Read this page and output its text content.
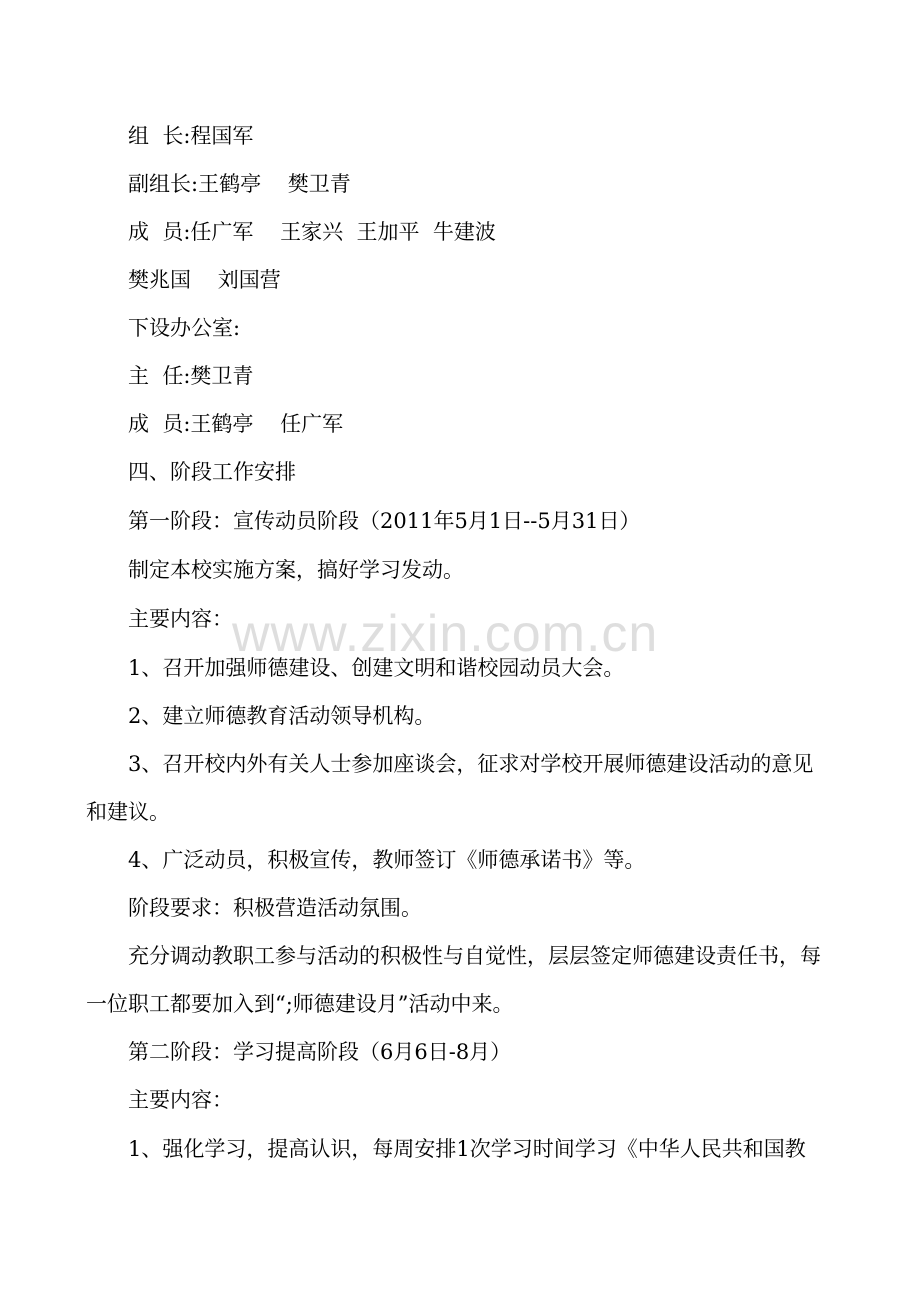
组  长:程国军
副组长:王鹤亭    樊卫青
成  员:任广军    王家兴  王加平  牛建波
樊兆国    刘国营
下设办公室:
主  任:樊卫青
成  员:王鹤亭    任广军
四、阶段工作安排
第一阶段：宣传动员阶段（2011年5月1日--5月31日）
制定本校实施方案，搞好学习发动。
主要内容：
1、召开加强师德建设、创建文明和谐校园动员大会。
2、建立师德教育活动领导机构。
3、召开校内外有关人士参加座谈会，征求对学校开展师德建设活动的意见
和建议。
4、广泛动员，积极宣传，教师签订《师德承诺书》等。
阶段要求：积极营造活动氛围。
充分调动教职工参与活动的积极性与自觉性，层层签定师德建设责任书，每
一位职工都要加入到“;师德建设月”活动中来。
第二阶段：学习提高阶段（6月6日-8月）
主要内容：
1、强化学习，提高认识，每周安排1次学习时间学习《中华人民共和国教
www.zixin.com.cn
